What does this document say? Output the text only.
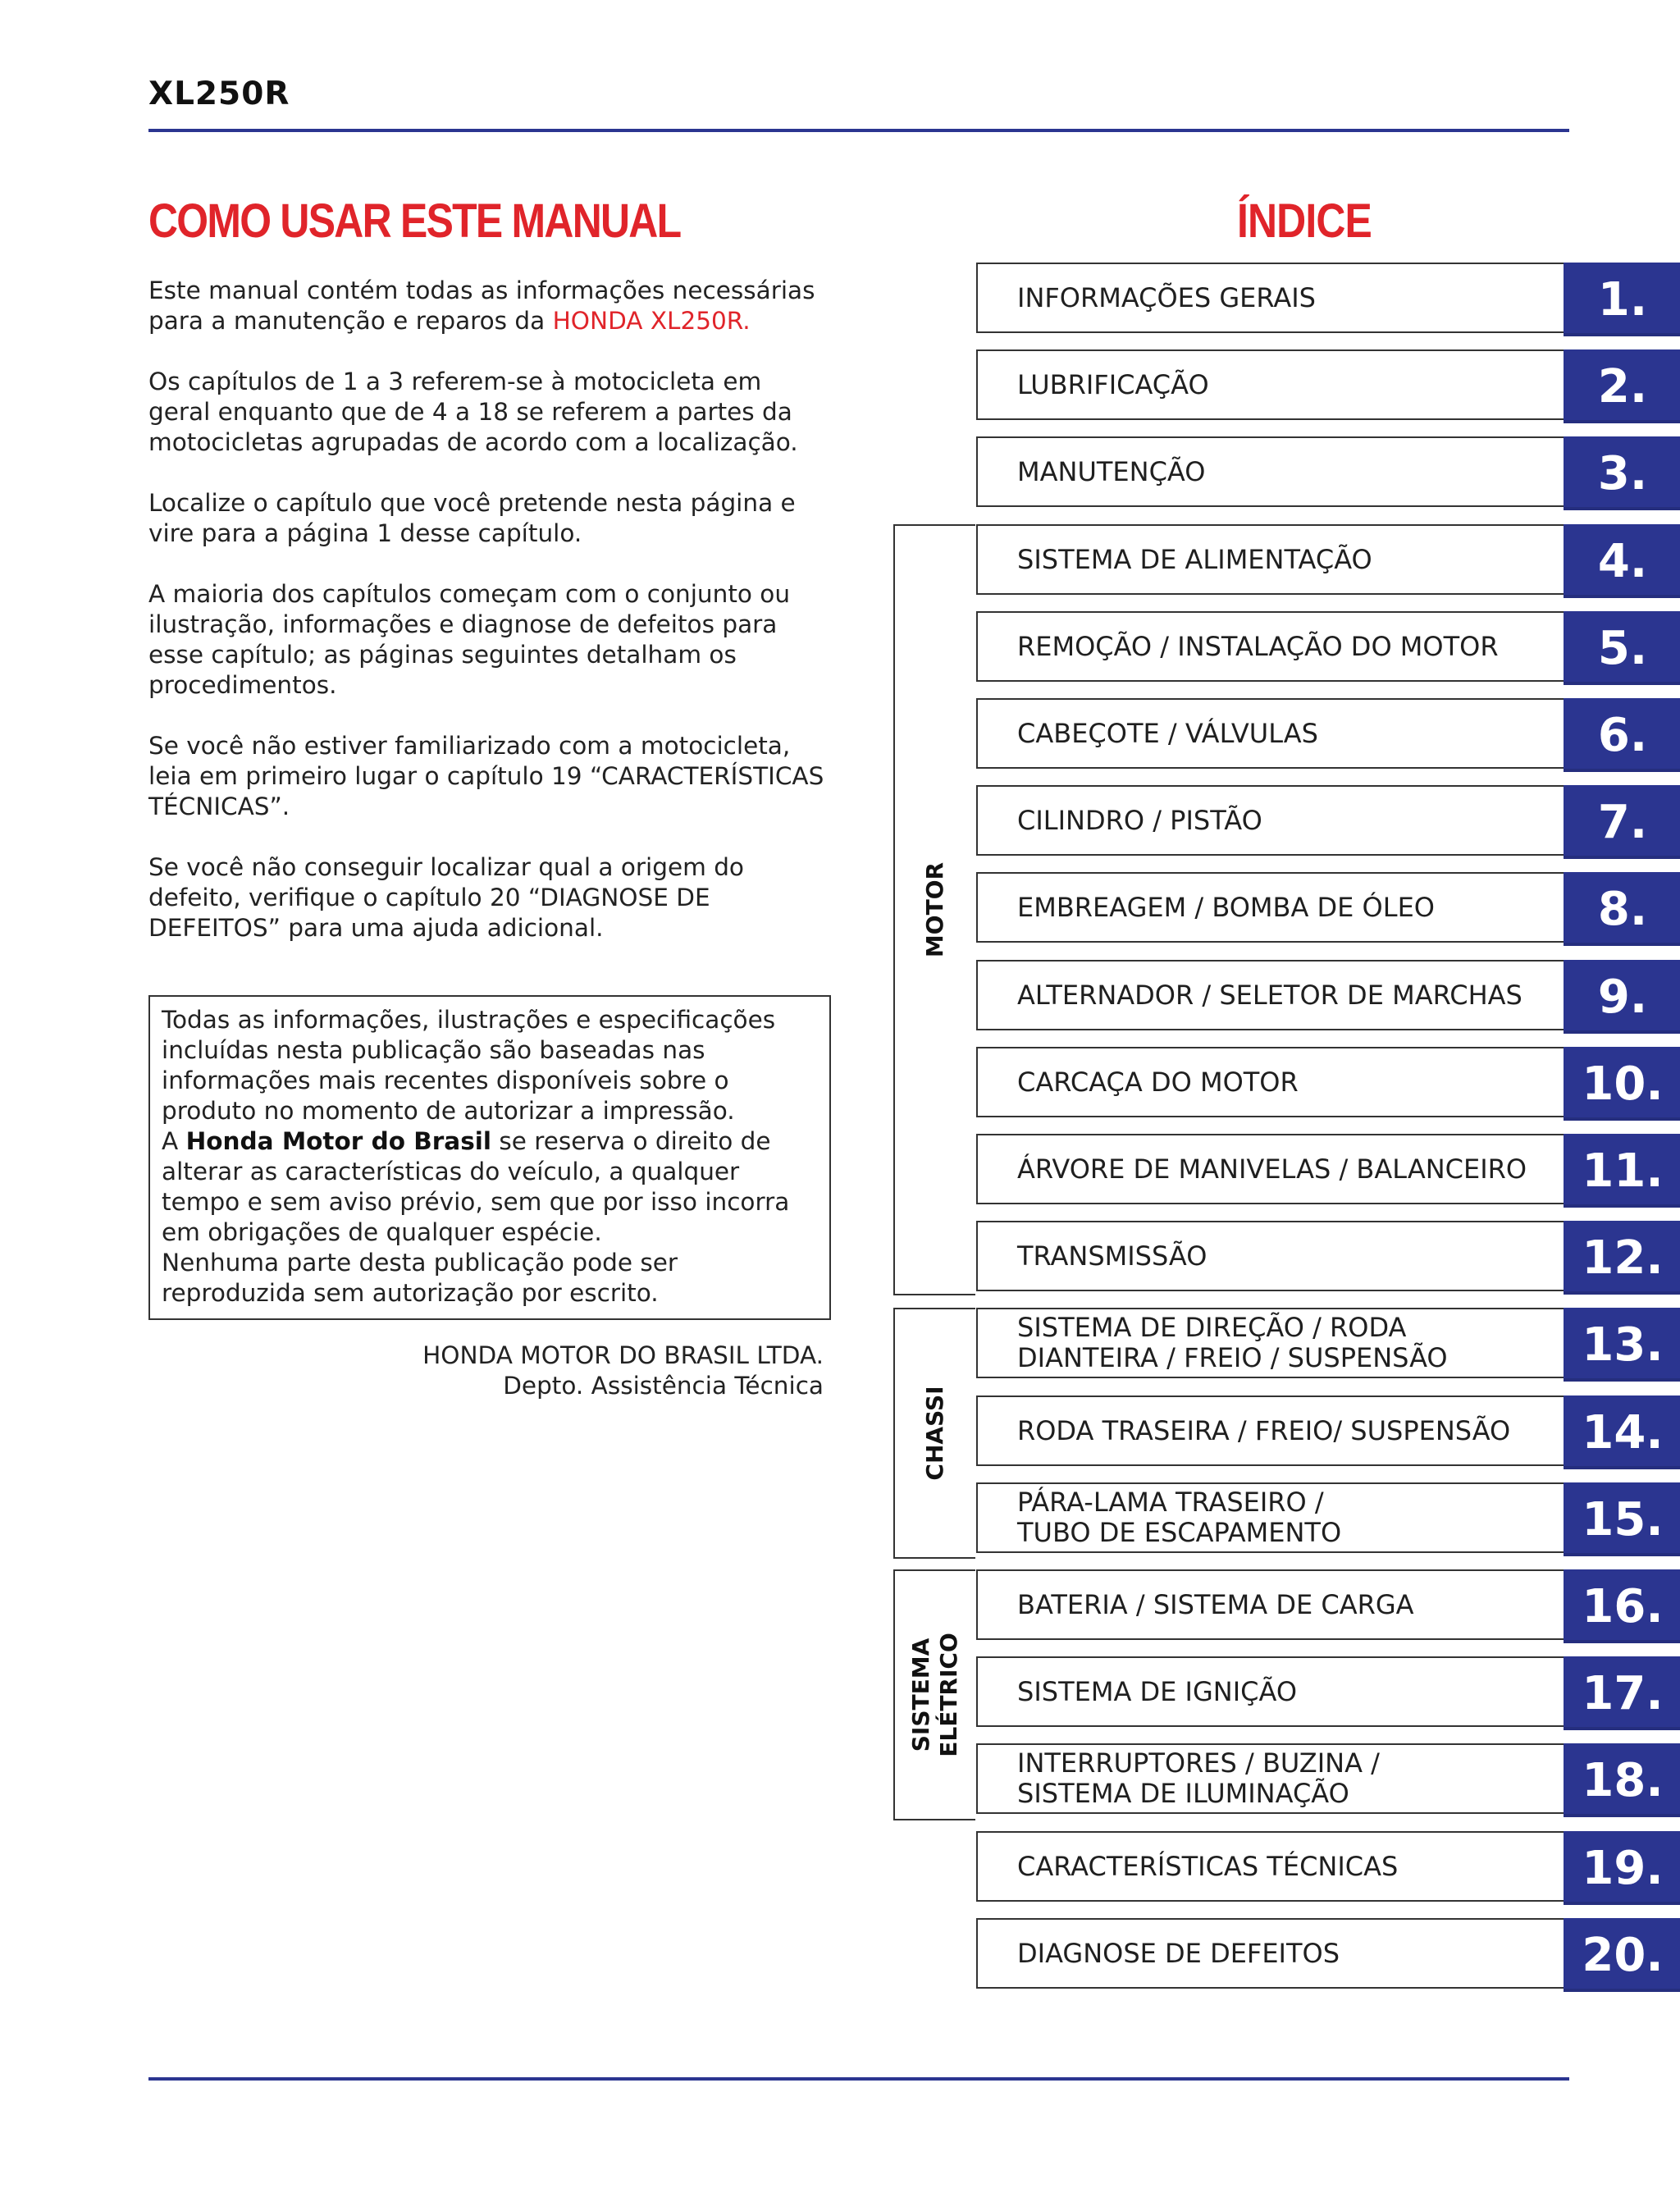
XL250R
COMO USAR ESTE MANUAL	ÍNDICE

Este manual contém todas as informações necessárias para a manutenção e reparos da HONDA XL250R.

Os capítulos de 1 a 3 referem-se à motocicleta em geral enquanto que de 4 a 18 se referem a partes da motocicletas agrupadas de acordo com a localização.

Localize o capítulo que você pretende nesta página e vire para a página 1 desse capítulo.

A maioria dos capítulos começam com o conjunto ou ilustração, informações e diagnose de defeitos para esse capítulo; as páginas seguintes detalham os procedimentos.

Se você não estiver familiarizado com a motocicleta, leia em primeiro lugar o capítulo 19 “CARACTERÍSTICAS TÉCNICAS”.

Se você não conseguir localizar qual a origem do defeito, verifique o capítulo 20 “DIAGNOSE DE DEFEITOS” para uma ajuda adicional.

Todas as informações, ilustrações e especificações incluídas nesta publicação são baseadas nas informações mais recentes disponíveis sobre o produto no momento de autorizar a impressão.

A Honda Motor do Brasil se reserva o direito de alterar as características do veículo, a qualquer tempo e sem aviso prévio, sem que por isso incorra em obrigações de qualquer espécie.

Nenhuma parte desta publicação pode ser reproduzida sem autorização por escrito.

HONDA MOTOR DO BRASIL LTDA.
Depto. Assistência Técnica
MOTOR
CHASSI
SISTEMA ELÉTRICO
INFORMAÇÕES GERAIS	1.
LUBRIFICAÇÃO	2.
MANUTENÇÃO	3.
SISTEMA DE ALIMENTAÇÃO	4.
REMOÇÃO / INSTALAÇÃO DO MOTOR	5.
CABEÇOTE / VÁLVULAS	6.
CILINDRO / PISTÃO	7.
EMBREAGEM / BOMBA DE ÓLEO	8.
ALTERNADOR / SELETOR DE MARCHAS	9.
CARCAÇA DO MOTOR	10.
ÁRVORE DE MANIVELAS / BALANCEIRO	11.
TRANSMISSÃO	12.
SISTEMA DE DIREÇÃO / RODA
DIANTEIRA / FREIO / SUSPENSÃO	13.
RODA TRASEIRA / FREIO/ SUSPENSÃO	14.
PÁRA-LAMA TRASEIRO /
TUBO DE ESCAPAMENTO	15.
BATERIA / SISTEMA DE CARGA	16.
SISTEMA DE IGNIÇÃO	17.
INTERRUPTORES / BUZINA /
SISTEMA DE ILUMINAÇÃO	18.
CARACTERÍSTICAS TÉCNICAS	19.
DIAGNOSE DE DEFEITOS	20.
